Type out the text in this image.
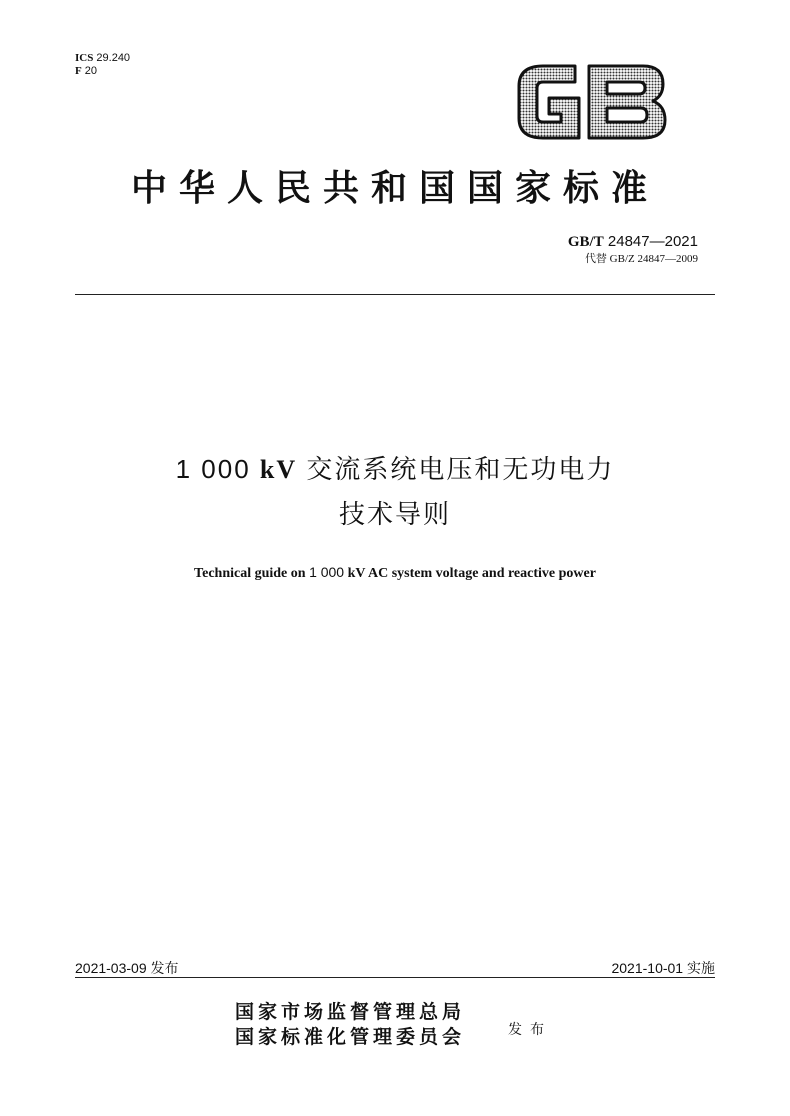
ICS 29.240
F 20
中华人民共和国国家标准
GB/T 24847—2021
代替 GB/Z 24847—2009
1 000 kV 交流系统电压和无功电力
技术导则
Technical guide on 1 000 kV AC system voltage and reactive power
2021-03-09 发布	2021-10-01 实施
国家市场监督管理总局
国家标准化管理委员会	发布
